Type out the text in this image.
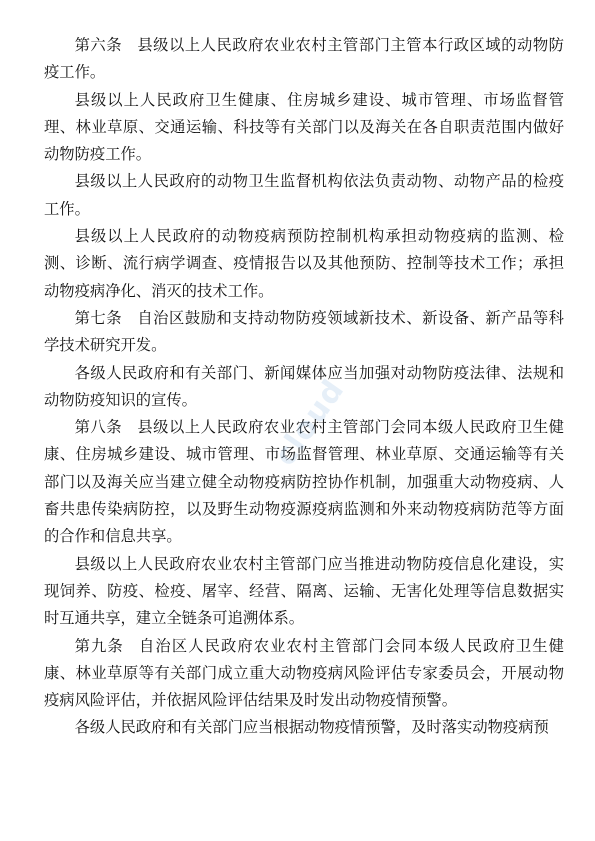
第六条 县级以上人民政府农业农村主管部门主管本行政区域的动物防疫工作。

县级以上人民政府卫生健康、住房城乡建设、城市管理、市场监督管理、林业草原、交通运输、科技等有关部门以及海关在各自职责范围内做好动物防疫工作。

县级以上人民政府的动物卫生监督机构依法负责动物、动物产品的检疫工作。

县级以上人民政府的动物疫病预防控制机构承担动物疫病的监测、检测、诊断、流行病学调查、疫情报告以及其他预防、控制等技术工作；承担动物疫病净化、消灭的技术工作。

第七条 自治区鼓励和支持动物防疫领域新技术、新设备、新产品等科学技术研究开发。

各级人民政府和有关部门、新闻媒体应当加强对动物防疫法律、法规和动物防疫知识的宣传。

第八条 县级以上人民政府农业农村主管部门会同本级人民政府卫生健康、住房城乡建设、城市管理、市场监督管理、林业草原、交通运输等有关部门以及海关应当建立健全动物疫病防控协作机制，加强重大动物疫病、人畜共患传染病防控，以及野生动物疫源疫病监测和外来动物疫病防范等方面的合作和信息共享。

县级以上人民政府农业农村主管部门应当推进动物防疫信息化建设，实现饲养、防疫、检疫、屠宰、经营、隔离、运输、无害化处理等信息数据实时互通共享，建立全链条可追溯体系。

第九条 自治区人民政府农业农村主管部门会同本级人民政府卫生健康、林业草原等有关部门成立重大动物疫病风险评估专家委员会，开展动物疫病风险评估，并依据风险评估结果及时发出动物疫情预警。

各级人民政府和有关部门应当根据动物疫情预警，及时落实动物疫病预

cloud
